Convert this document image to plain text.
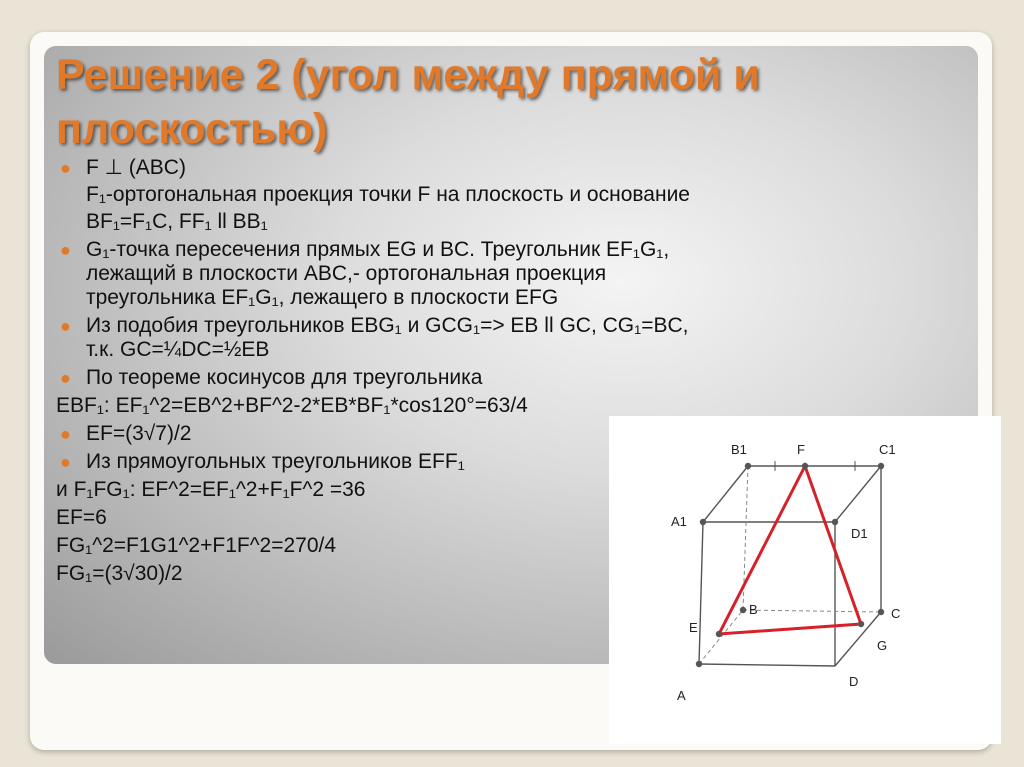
Решение 2 (угол между прямой и
плоскостью)
● F ⊥ (ABC)
F₁-ортогональная проекция точки F на плоскость и основание
BF₁=F₁C, FF₁ ll BB₁
● G₁-точка пересечения прямых EG и BC. Треугольник EF₁G₁,
лежащий в плоскости ABC,- ортогональная проекция
треугольника EF₁G₁, лежащего в плоскости EFG
● Из подобия треугольников EBG₁ и GCG₁=> EB ll GC, CG₁=BC,
т.к. GC=¼DC=½EB
● По теореме косинусов для треугольника
EBF₁: EF₁^2=EB^2+BF^2-2*EB*BF₁*cos120°=63/4
● EF=(3√7)/2
● Из прямоугольных треугольников EFF₁
и F₁FG₁: EF^2=EF₁^2+F₁F^2 =36
EF=6
FG₁^2=F1G1^2+F1F^2=270/4
FG₁=(3√30)/2
B1	F	C1
A1
D1
B	C
E
G
A
D
